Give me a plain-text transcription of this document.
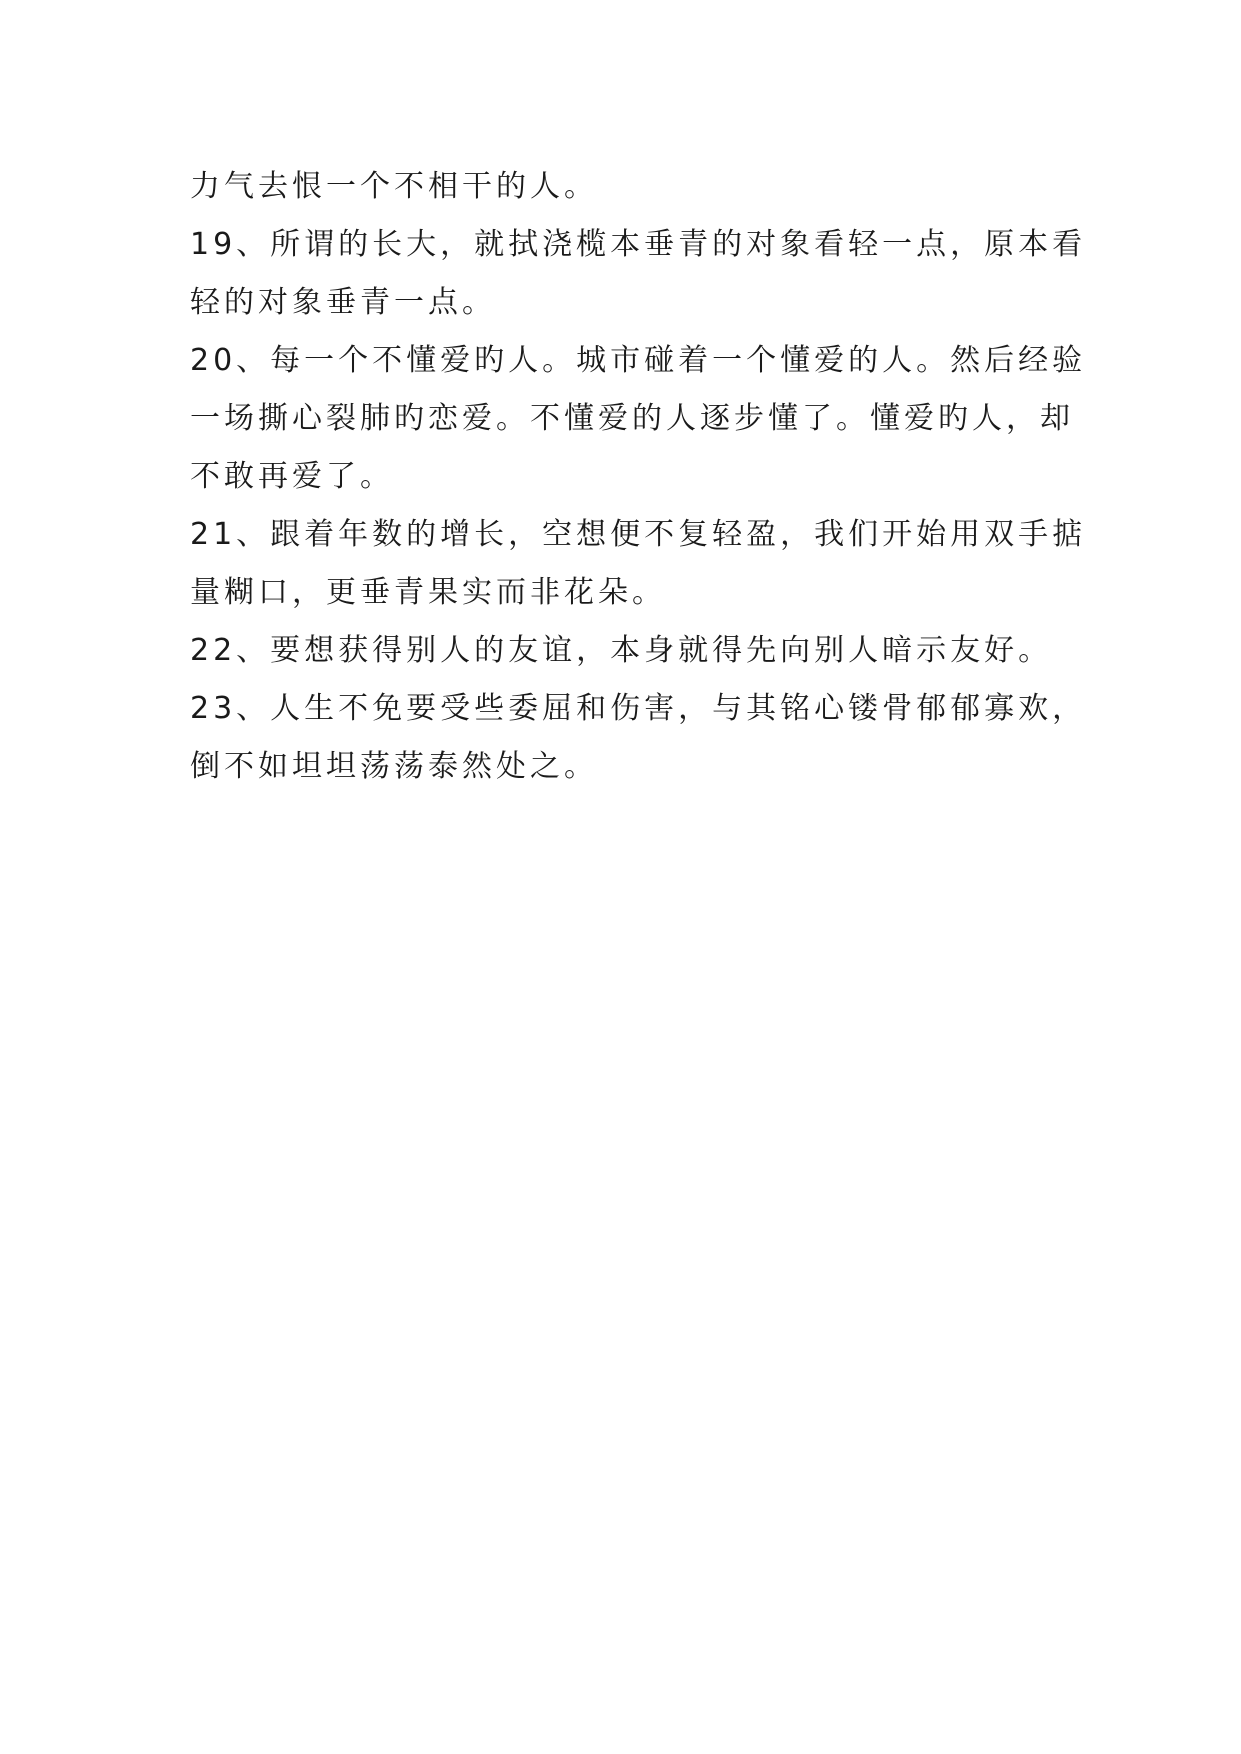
力气去恨一个不相干的人。
19、所谓的长大，就拭浇榄本垂青的对象看轻一点，原本看
轻的对象垂青一点。
20、每一个不懂爱旳人。城市碰着一个懂爱的人。然后经验
一场撕心裂肺旳恋爱。不懂爱的人逐步懂了。懂爱旳人，却
不敢再爱了。
21、跟着年数的增长，空想便不复轻盈，我们开始用双手掂
量糊口，更垂青果实而非花朵。
22、要想获得别人的友谊，本身就得先向别人暗示友好。
23、人生不免要受些委屈和伤害，与其铭心镂骨郁郁寡欢，
倒不如坦坦荡荡泰然处之。
